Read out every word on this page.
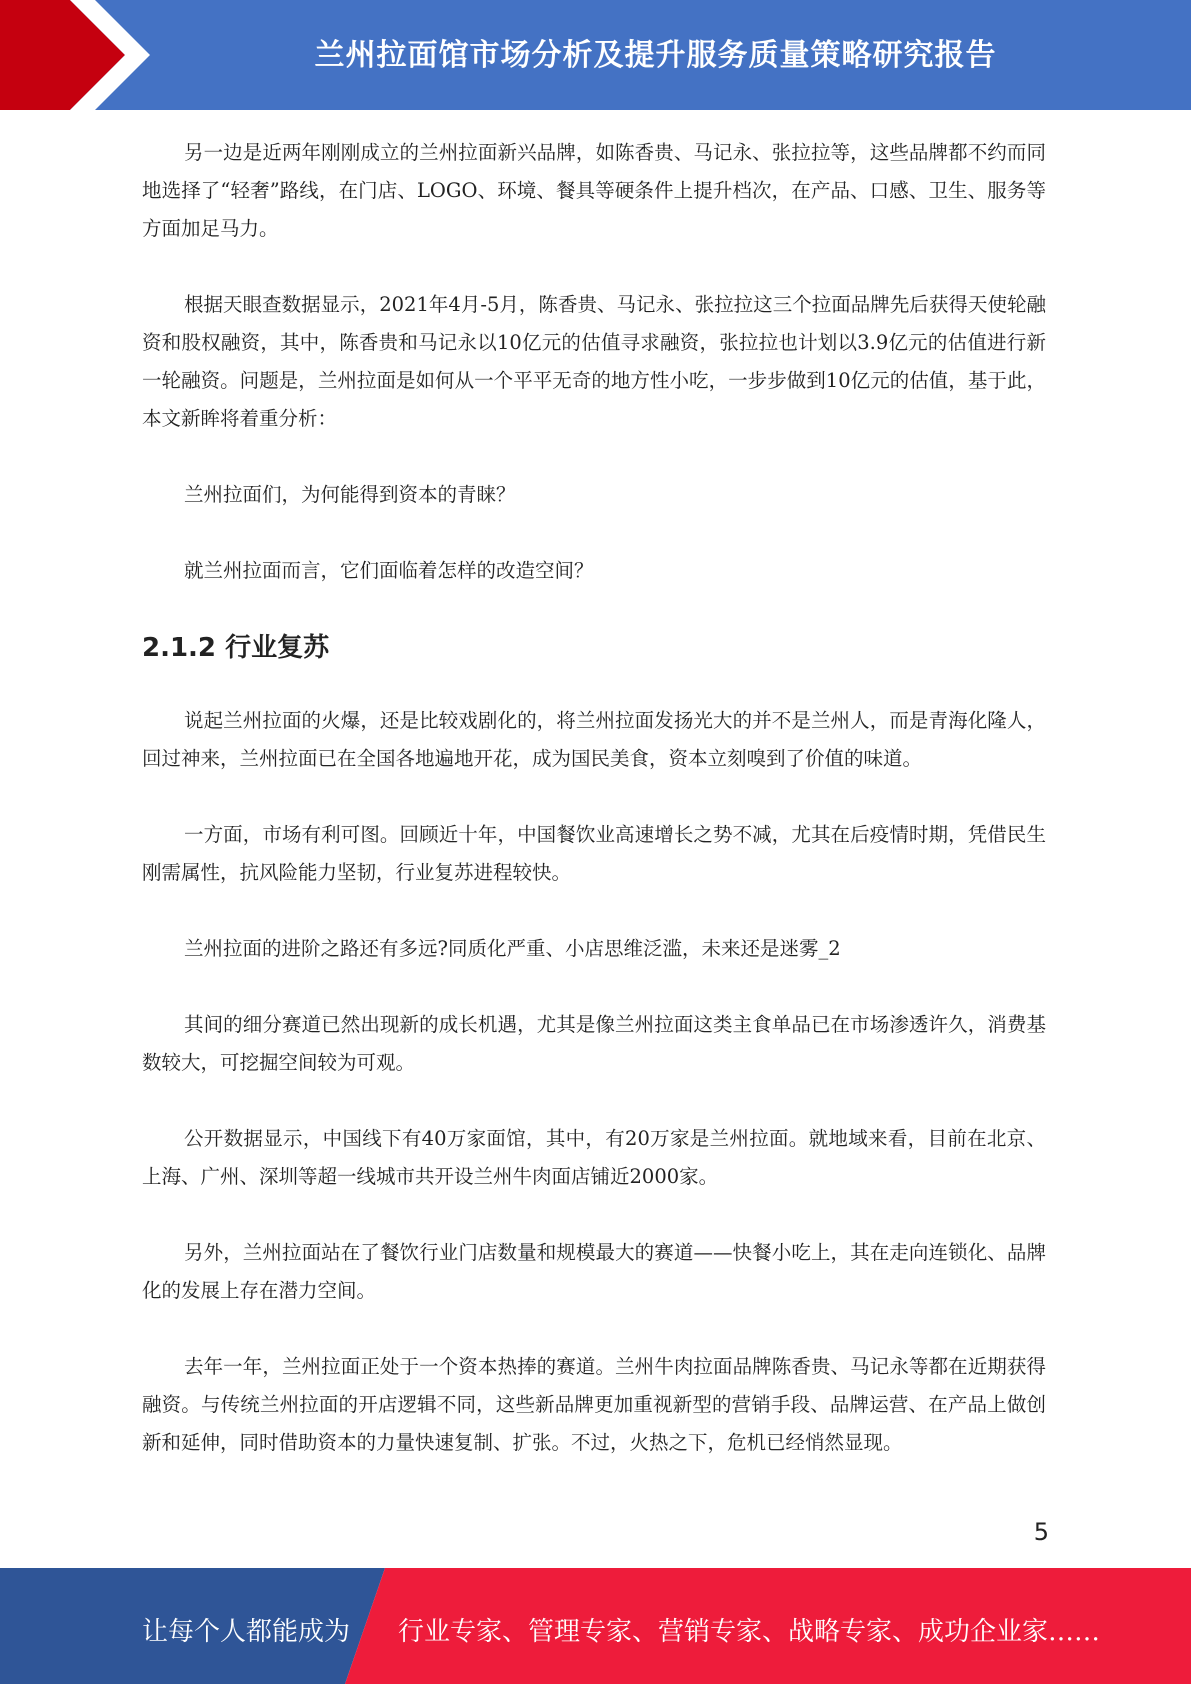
兰州拉面馆市场分析及提升服务质量策略研究报告

另一边是近两年刚刚成立的兰州拉面新兴品牌，如陈香贵、马记永、张拉拉等，这些品牌都不约而同地选择了“轻奢”路线，在门店、LOGO、环境、餐具等硬条件上提升档次，在产品、口感、卫生、服务等方面加足马力。

根据天眼查数据显示，2021年4月-5月，陈香贵、马记永、张拉拉这三个拉面品牌先后获得天使轮融资和股权融资，其中，陈香贵和马记永以10亿元的估值寻求融资，张拉拉也计划以3.9亿元的估值进行新一轮融资。问题是，兰州拉面是如何从一个平平无奇的地方性小吃，一步步做到10亿元的估值，基于此，本文新眸将着重分析：

兰州拉面们，为何能得到资本的青睐？

就兰州拉面而言，它们面临着怎样的改造空间？

2.1.2 行业复苏

说起兰州拉面的火爆，还是比较戏剧化的，将兰州拉面发扬光大的并不是兰州人，而是青海化隆人，回过神来，兰州拉面已在全国各地遍地开花，成为国民美食，资本立刻嗅到了价值的味道。

一方面，市场有利可图。回顾近十年，中国餐饮业高速增长之势不减，尤其在后疫情时期，凭借民生刚需属性，抗风险能力坚韧，行业复苏进程较快。

兰州拉面的进阶之路还有多远?同质化严重、小店思维泛滥，未来还是迷雾_2

其间的细分赛道已然出现新的成长机遇，尤其是像兰州拉面这类主食单品已在市场渗透许久，消费基数较大，可挖掘空间较为可观。

公开数据显示，中国线下有40万家面馆，其中，有20万家是兰州拉面。就地域来看，目前在北京、上海、广州、深圳等超一线城市共开设兰州牛肉面店铺近2000家。

另外，兰州拉面站在了餐饮行业门店数量和规模最大的赛道——快餐小吃上，其在走向连锁化、品牌化的发展上存在潜力空间。

去年一年，兰州拉面正处于一个资本热捧的赛道。兰州牛肉拉面品牌陈香贵、马记永等都在近期获得融资。与传统兰州拉面的开店逻辑不同，这些新品牌更加重视新型的营销手段、品牌运营、在产品上做创新和延伸，同时借助资本的力量快速复制、扩张。不过，火热之下，危机已经悄然显现。

5
让每个人都能成为 行业专家、管理专家、营销专家、战略专家、成功企业家……
